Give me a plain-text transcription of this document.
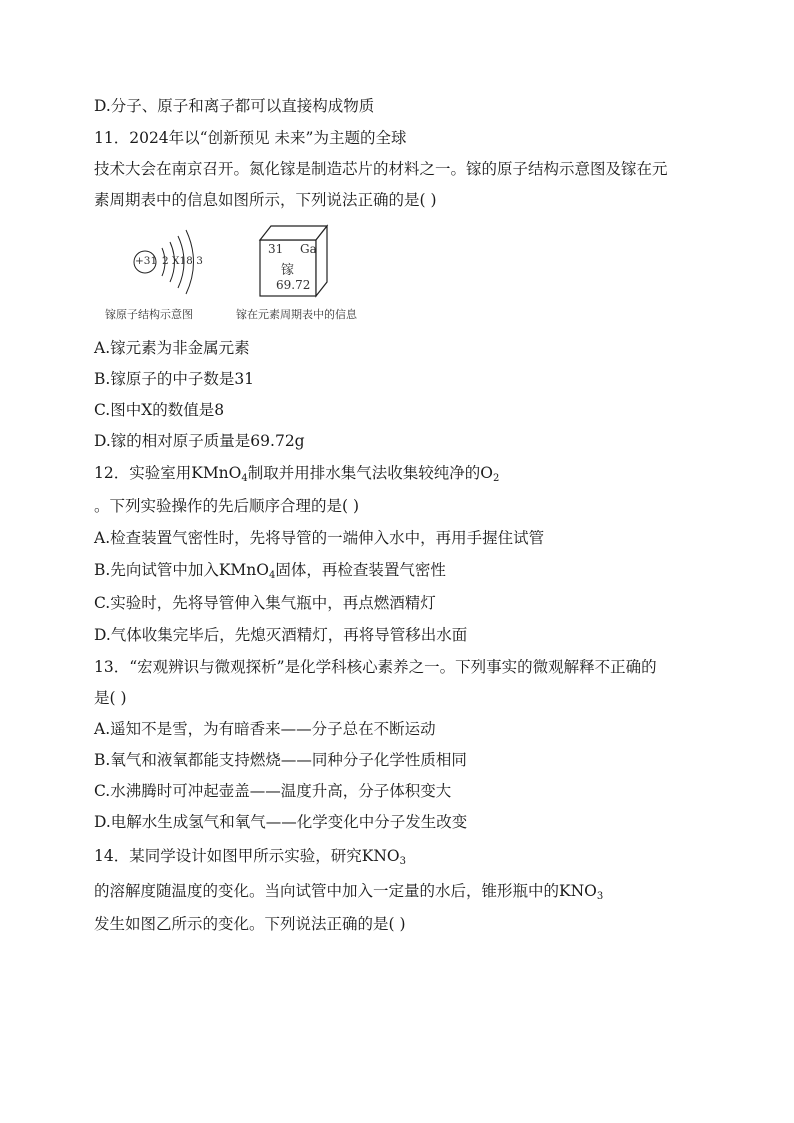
D.分子、原子和离子都可以直接构成物质
11．2024年以“创新预见 未来”为主题的全球
技术大会在南京召开。氮化镓是制造芯片的材料之一。镓的原子结构示意图及镓在元
素周期表中的信息如图所示，下列说法正确的是( )
+31 2 X18 3
31 Ga
镓
69.72
镓原子结构示意图	镓在元素周期表中的信息
A.镓元素为非金属元素
B.镓原子的中子数是31
C.图中X的数值是8
D.镓的相对原子质量是69.72g
12．实验室用KMnO$_4$制取并用排水集气法收集较纯净的$O_2$
。下列实验操作的先后顺序合理的是( )
A.检查装置气密性时，先将导管的一端伸入水中，再用手握住试管
B.先向试管中加入KMnO$_4$固体，再检查装置气密性
C.实验时，先将导管伸入集气瓶中，再点燃酒精灯
D.气体收集完毕后，先熄灭酒精灯，再将导管移出水面
13．“宏观辨识与微观探析”是化学科核心素养之一。下列事实的微观解释不正确的
是( )
A.遥知不是雪，为有暗香来——分子总在不断运动
B.氧气和液氧都能支持燃烧——同种分子化学性质相同
C.水沸腾时可冲起壶盖——温度升高，分子体积变大
D.电解水生成氢气和氧气——化学变化中分子发生改变
14．某同学设计如图甲所示实验，研究$KNO_3$
的溶解度随温度的变化。当向试管中加入一定量的水后，锥形瓶中的$KNO_3$
发生如图乙所示的变化。下列说法正确的是( )
